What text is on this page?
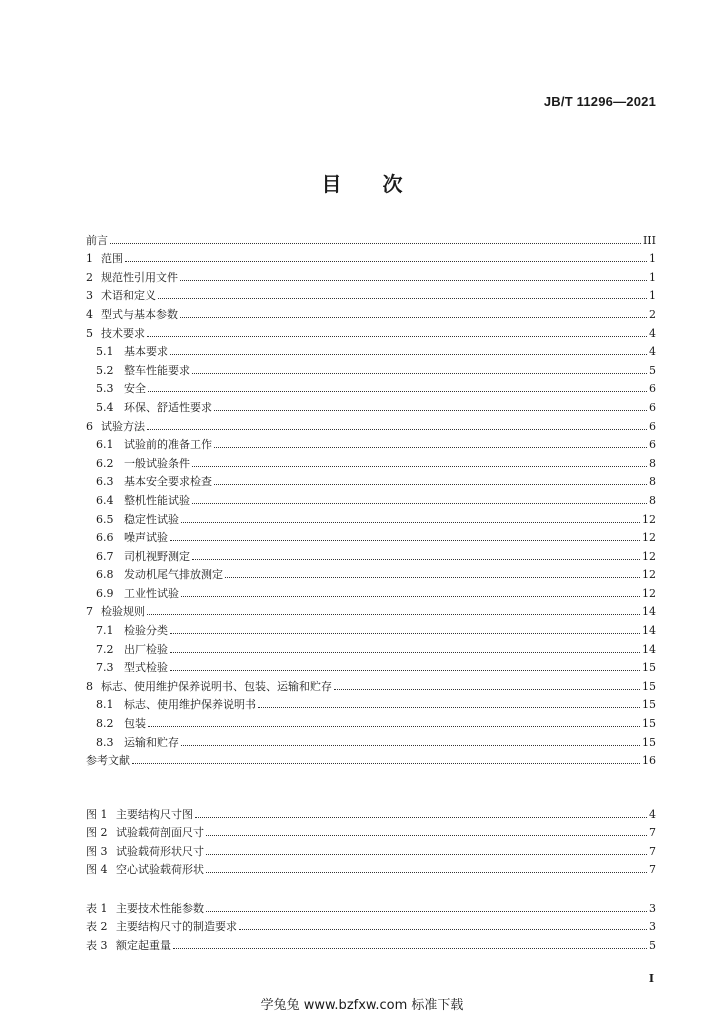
JB/T 11296—2021
目 次
前言	III
1 范围	1
2 规范性引用文件	1
3 术语和定义	1
4 型式与基本参数	2
5 技术要求	4
5.1 基本要求	4
5.2 整车性能要求	5
5.3 安全	6
5.4 环保、舒适性要求	6
6 试验方法	6
6.1 试验前的准备工作	6
6.2 一般试验条件	8
6.3 基本安全要求检查	8
6.4 整机性能试验	8
6.5 稳定性试验	12
6.6 噪声试验	12
6.7 司机视野测定	12
6.8 发动机尾气排放测定	12
6.9 工业性试验	12
7 检验规则	14
7.1 检验分类	14
7.2 出厂检验	14
7.3 型式检验	15
8 标志、使用维护保养说明书、包装、运输和贮存	15
8.1 标志、使用维护保养说明书	15
8.2 包装	15
8.3 运输和贮存	15
参考文献	16
图 1 主要结构尺寸图	4
图 2 试验载荷剖面尺寸	7
图 3 试验载荷形状尺寸	7
图 4 空心试验载荷形状	7
表 1 主要技术性能参数	3
表 2 主要结构尺寸的制造要求	3
表 3 额定起重量	5
I
学兔兔 www.bzfxw.com 标准下载
